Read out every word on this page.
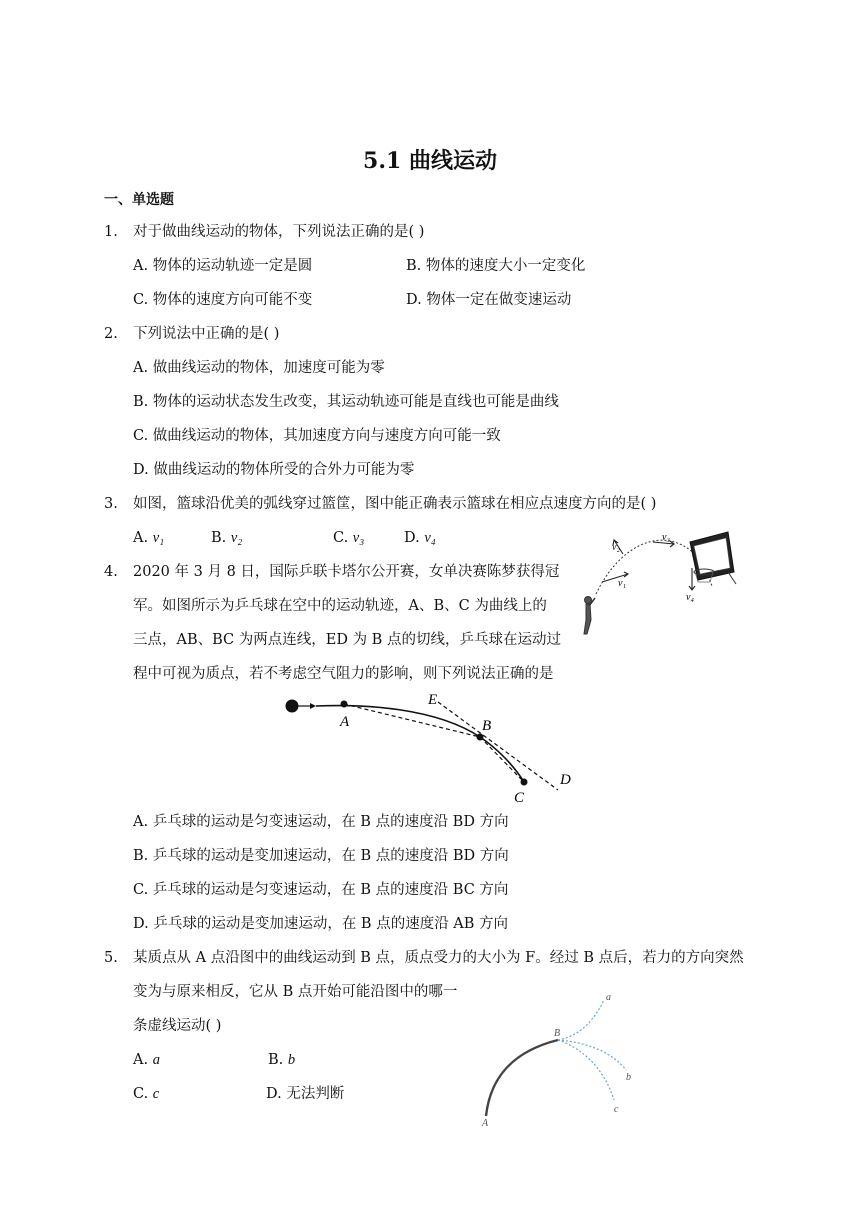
5.1 曲线运动
一、单选题
1. 对于做曲线运动的物体，下列说法正确的是( )
A. 物体的运动轨迹一定是圆	B. 物体的速度大小一定变化
C. 物体的速度方向可能不变	D. 物体一定在做变速运动
2. 下列说法中正确的是( )
A. 做曲线运动的物体，加速度可能为零
B. 物体的运动状态发生改变，其运动轨迹可能是直线也可能是曲线
C. 做曲线运动的物体，其加速度方向与速度方向可能一致
D. 做曲线运动的物体所受的合外力可能为零
3. 如图，篮球沿优美的弧线穿过篮筐，图中能正确表示篮球在相应点速度方向的是( )
A. v₁	B. v₂	C. v₃	D. v₄
v₂
v₃
v₁
v₄
4. 2020 年 3 月 8 日，国际乒联卡塔尔公开赛，女单决赛陈梦获得冠
军。如图所示为乒乓球在空中的运动轨迹，A、B、C 为曲线上的
三点，AB、BC 为两点连线，ED 为 B 点的切线，乒乓球在运动过
程中可视为质点，若不考虑空气阻力的影响，则下列说法正确的是
A
E
B
D
C
A. 乒乓球的运动是匀变速运动，在 B 点的速度沿 BD 方向
B. 乒乓球的运动是变加速运动，在 B 点的速度沿 BD 方向
C. 乒乓球的运动是匀变速运动，在 B 点的速度沿 BC 方向
D. 乒乓球的运动是变加速运动，在 B 点的速度沿 AB 方向
5. 某质点从 A 点沿图中的曲线运动到 B 点，质点受力的大小为 F。经过 B 点后，若力的方向突然
变为与原来相反，它从 B 点开始可能沿图中的哪一
条虚线运动( )
A. a	B. b
C. c	D. 无法判断
A
B
a
b
c
